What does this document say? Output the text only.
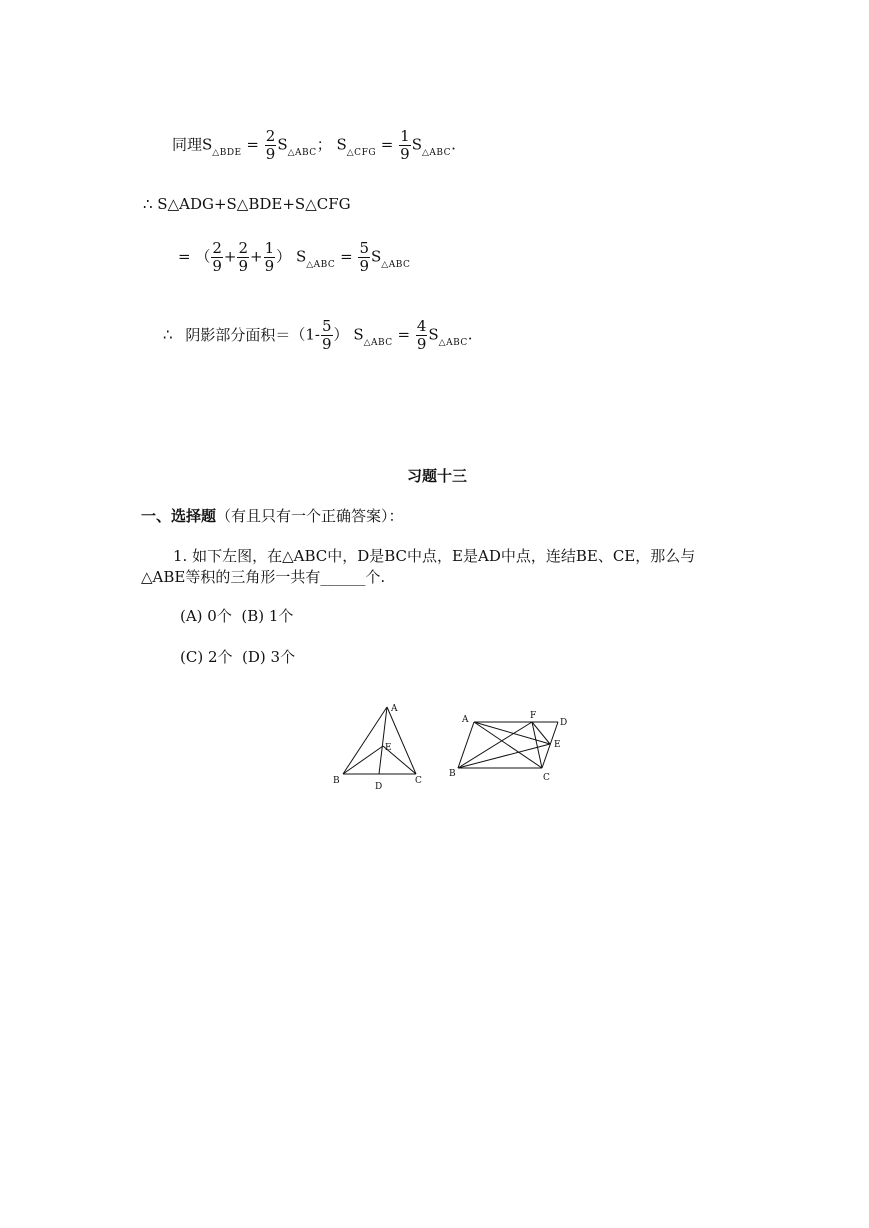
同理$S_{\triangle BDE} = \frac{2}{9} S_{\triangle ABC}$； $S_{\triangle CFG} = \frac{1}{9} S_{\triangle ABC}$.
∴ S△ADG+S△BDE+S△CFG
= （ $\frac{2}{9} + \frac{2}{9} + \frac{1}{9}$ ） $S_{\triangle ABC} = \frac{5}{9} S_{\triangle ABC}$
∴ 阴影部分面积$=(1- \frac{5}{9}$ ） $S_{\triangle ABC} = \frac{4}{9} S_{\triangle ABC}$.
习题十三
一、选择题（有且只有一个正确答案）：
1. 如下左图，在△ABC中，D是BC中点，E是AD中点，连结BE、CE，那么与
△ABE等积的三角形一共有______个.
(A) 0个  (B) 1个
(C) 2个  (D) 3个
A
B	C
D
E
A
B	C
D
E
F
